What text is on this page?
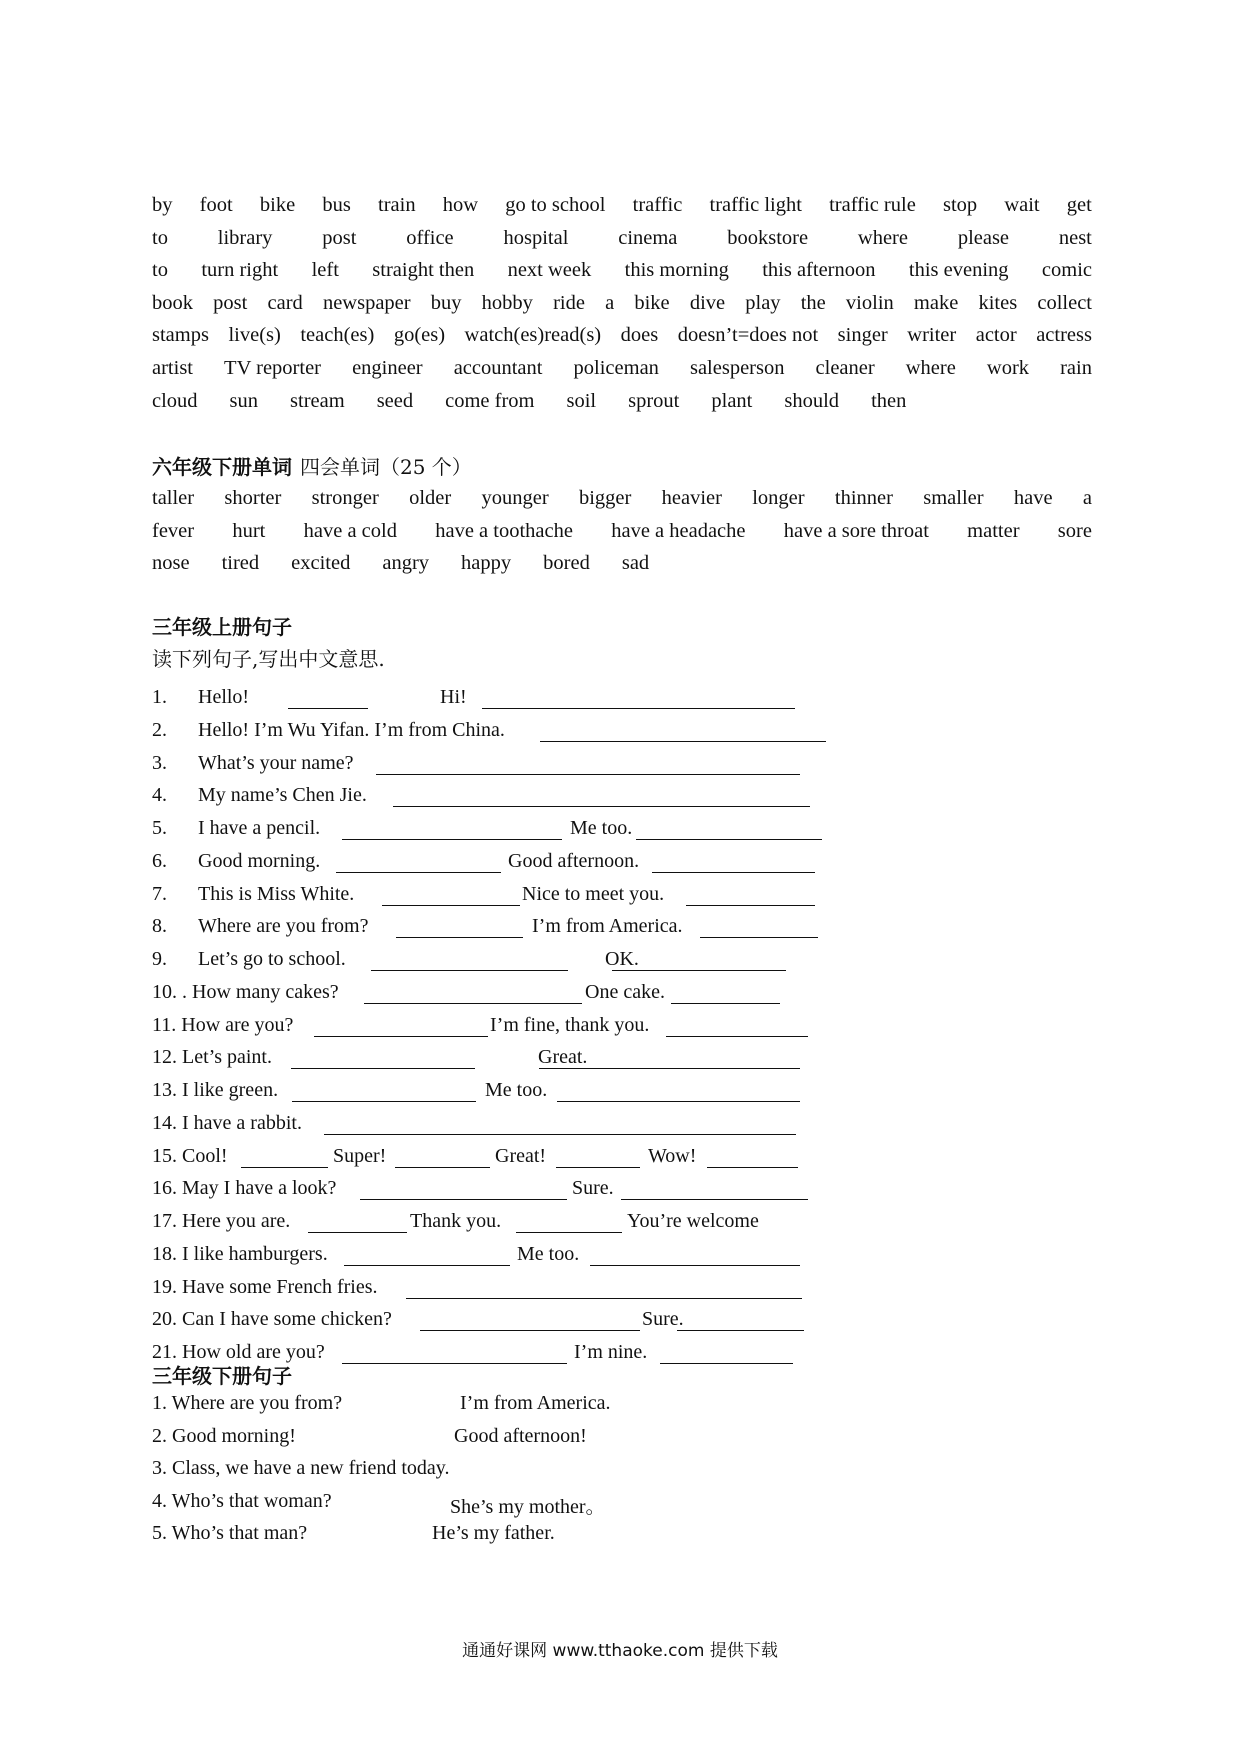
by foot bike bus train how go to school traffic traffic light traffic rule stop wait get
to library post office hospital cinema bookstore where please nest
to turn right left straight then next week this morning this afternoon this evening comic
book post card newspaper buy hobby ride a bike dive play the violin make kites collect
stamps live(s) teach(es) go(es) watch(es)read(s) does doesn’t=does not singer writer actor actress
artist TV reporter engineer accountant policeman salesperson cleaner where work rain
cloud sun stream seed come from soil sprout plant should then
六年级下册单词 四会单词（25 个）
taller shorter stronger older younger bigger heavier longer thinner smaller have a
fever hurt have a cold have a toothache have a headache have a sore throat matter sore
nose tired excited angry happy bored sad
三年级上册句子
读下列句子,写出中文意思.
1. Hello!	Hi!
2. Hello! I’m Wu Yifan. I’m from China.
3. What’s your name?
4. My name’s Chen Jie.
5. I have a pencil.	Me too.
6. Good morning.	Good afternoon.
7. This is Miss White.	Nice to meet you.
8. Where are you from?	I’m from America.
9. Let’s go to school.	OK.
10. . How many cakes?	One cake.
11. How are you?	I’m fine, thank you.
12. Let’s paint.	Great.
13. I like green.	Me too.
14. I have a rabbit.
15. Cool!	Super!	Great!	Wow!
16. May I have a look?	Sure.
17. Here you are.	Thank you.	You’re welcome
18. I like hamburgers.	Me too.
19. Have some French fries.
20. Can I have some chicken?	Sure.
21. How old are you?	I’m nine.
三年级下册句子
1. Where are you from?	I’m from America.
2. Good morning!	Good afternoon!
3. Class, we have a new friend today.
4. Who’s that woman?	She’s my mother。
5. Who’s that man?	He’s my father.
通通好课网 www.tthaoke.com 提供下载
